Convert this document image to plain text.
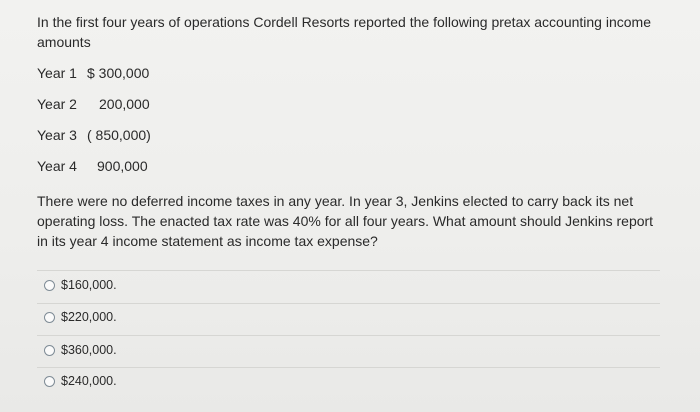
In the first four years of operations Cordell Resorts reported the following pretax accounting income amounts

Year 1 $ 300,000
Year 2 200,000
Year 3 ( 850,000)
Year 4 900,000

There were no deferred income taxes in any year. In year 3, Jenkins elected to carry back its net operating loss. The enacted tax rate was 40% for all four years. What amount should Jenkins report in its year 4 income statement as income tax expense?

$160,000.
$220,000.
$360,000.
$240,000.
